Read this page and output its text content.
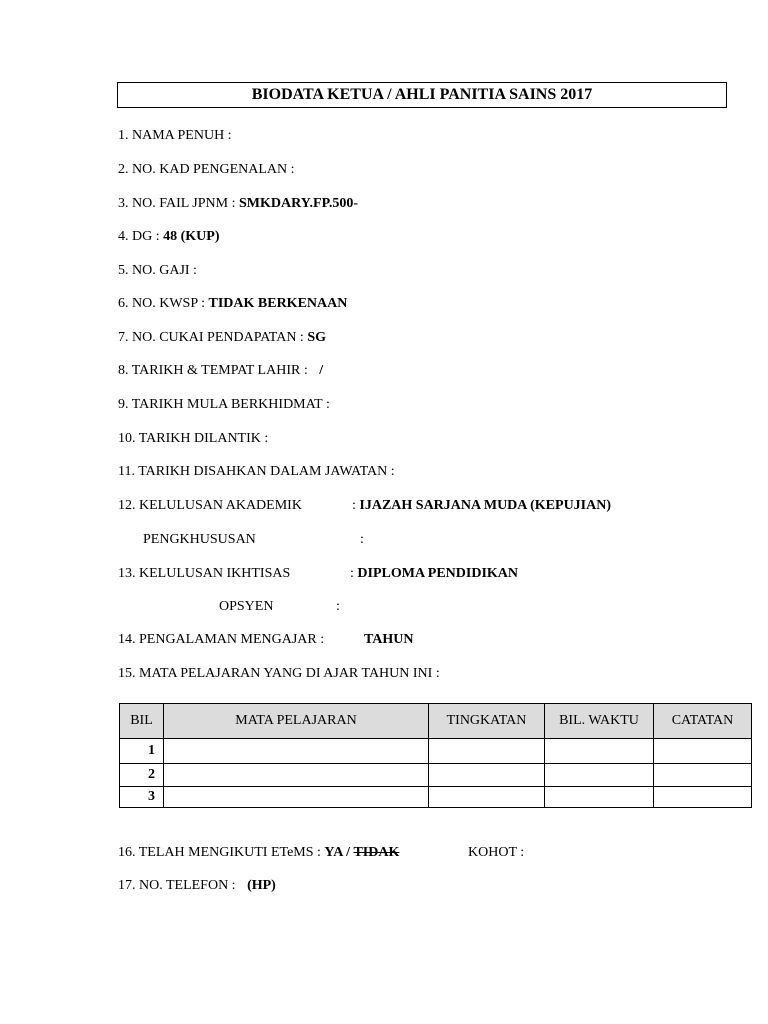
BIODATA KETUA / AHLI PANITIA SAINS 2017
1. NAMA PENUH :
2. NO. KAD PENGENALAN :
3. NO. FAIL JPNM : SMKDARY.FP.500-
4. DG : 48 (KUP)
5. NO. GAJI :
6. NO. KWSP : TIDAK BERKENAAN
7. NO. CUKAI PENDAPATAN : SG
8. TARIKH & TEMPAT LAHIR : /
9. TARIKH MULA BERKHIDMAT :
10. TARIKH DILANTIK :
11. TARIKH DISAHKAN DALAM JAWATAN :
12. KELULUSAN AKADEMIK	: IJAZAH SARJANA MUDA (KEPUJIAN)
PENGKHUSUSAN	:
13. KELULUSAN IKHTISAS	: DIPLOMA PENDIDIKAN
OPSYEN	:
14. PENGALAMAN MENGAJAR :	TAHUN
15. MATA PELAJARAN YANG DI AJAR TAHUN INI :
BIL	MATA PELAJARAN	TINGKATAN	BIL. WAKTU	CATATAN
1				
2				
3				
16. TELAH MENGIKUTI ETeMS : YA / TIDAK	KOHOT :
17. NO. TELEFON : (HP)
